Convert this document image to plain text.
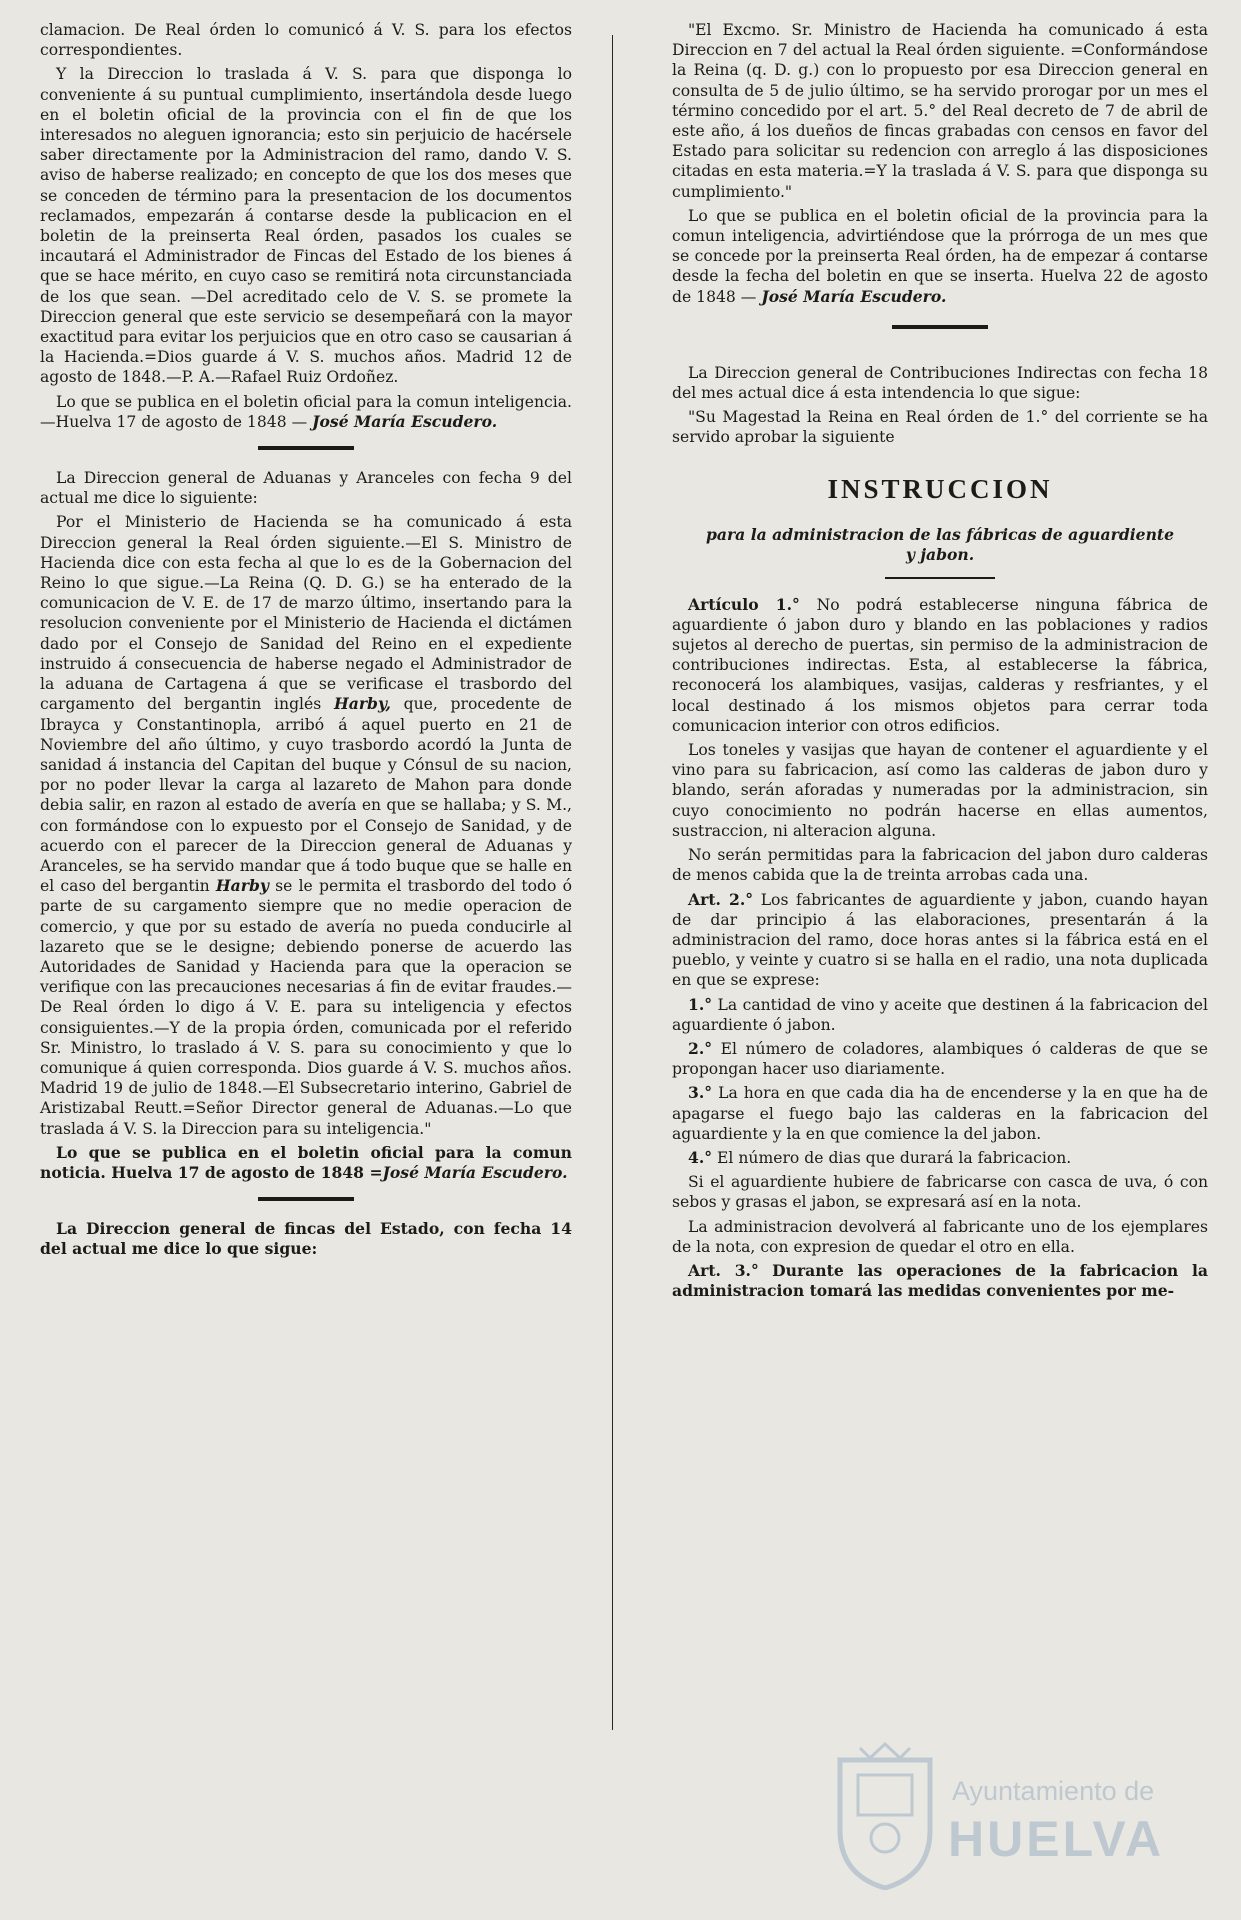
clamacion. De Real órden lo comunicó á V. S. para los efectos correspondientes.

Y la Direccion lo traslada á V. S. para que disponga lo conveniente á su puntual cumplimiento, insertándola desde luego en el boletin oficial de la provincia con el fin de que los interesados no aleguen ignorancia; esto sin perjuicio de hacérsele saber directamente por la Administracion del ramo, dando V. S. aviso de haberse realizado; en concepto de que los dos meses que se conceden de término para la presentacion de los documentos reclamados, empezarán á contarse desde la publicacion en el boletin de la preinserta Real órden, pasados los cuales se incautará el Administrador de Fincas del Estado de los bienes á que se hace mérito, en cuyo caso se remitirá nota circunstanciada de los que sean. —Del acreditado celo de V. S. se promete la Direccion general que este servicio se desempeñará con la mayor exactitud para evitar los perjuicios que en otro caso se causarian á la Hacienda.=Dios guarde á V. S. muchos años. Madrid 12 de agosto de 1848.—P. A.—Rafael Ruiz Ordoñez.

Lo que se publica en el boletin oficial para la comun inteligencia. —Huelva 17 de agosto de 1848 — José María Escudero.

La Direccion general de Aduanas y Aranceles con fecha 9 del actual me dice lo siguiente:

Por el Ministerio de Hacienda se ha comunicado á esta Direccion general la Real órden siguiente.—El S. Ministro de Hacienda dice con esta fecha al que lo es de la Gobernacion del Reino lo que sigue.—La Reina (Q. D. G.) se ha enterado de la comunicacion de V. E. de 17 de marzo último, insertando para la resolucion conveniente por el Ministerio de Hacienda el dictámen dado por el Consejo de Sanidad del Reino en el expediente instruido á consecuencia de haberse negado el Administrador de la aduana de Cartagena á que se verificase el trasbordo del cargamento del bergantin inglés Harby, que, procedente de Ibrayca y Constantinopla, arribó á aquel puerto en 21 de Noviembre del año último, y cuyo trasbordo acordó la Junta de sanidad á instancia del Capitan del buque y Cónsul de su nacion, por no poder llevar la carga al lazareto de Mahon para donde debia salir, en razon al estado de avería en que se hallaba; y S. M., con formándose con lo expuesto por el Consejo de Sanidad, y de acuerdo con el parecer de la Direccion general de Aduanas y Aranceles, se ha servido mandar que á todo buque que se halle en el caso del bergantin Harby se le permita el trasbordo del todo ó parte de su cargamento siempre que no medie operacion de comercio, y que por su estado de avería no pueda conducirle al lazareto que se le designe; debiendo ponerse de acuerdo las Autoridades de Sanidad y Hacienda para que la operacion se verifique con las precauciones necesarias á fin de evitar fraudes.—De Real órden lo digo á V. E. para su inteligencia y efectos consiguientes.—Y de la propia órden, comunicada por el referido Sr. Ministro, lo traslado á V. S. para su conocimiento y que lo comunique á quien corresponda. Dios guarde á V. S. muchos años. Madrid 19 de julio de 1848.—El Subsecretario interino, Gabriel de Aristizabal Reutt.=Señor Director general de Aduanas.—Lo que traslada á V. S. la Direccion para su inteligencia."

Lo que se publica en el boletin oficial para la comun noticia. Huelva 17 de agosto de 1848 =José María Escudero.

La Direccion general de fincas del Estado, con fecha 14 del actual me dice lo que sigue:

"El Excmo. Sr. Ministro de Hacienda ha comunicado á esta Direccion en 7 del actual la Real órden siguiente. =Conformándose la Reina (q. D. g.) con lo propuesto por esa Direccion general en consulta de 5 de julio último, se ha servido prorogar por un mes el término concedido por el art. 5.° del Real decreto de 7 de abril de este año, á los dueños de fincas grabadas con censos en favor del Estado para solicitar su redencion con arreglo á las disposiciones citadas en esta materia.=Y la traslada á V. S. para que disponga su cumplimiento."

Lo que se publica en el boletin oficial de la provincia para la comun inteligencia, advirtiéndose que la prórroga de un mes que se concede por la preinserta Real órden, ha de empezar á contarse desde la fecha del boletin en que se inserta. Huelva 22 de agosto de 1848 — José María Escudero.

La Direccion general de Contribuciones Indirectas con fecha 18 del mes actual dice á esta intendencia lo que sigue:

"Su Magestad la Reina en Real órden de 1.° del corriente se ha servido aprobar la siguiente

INSTRUCCION
para la administracion de las fábricas de aguardiente y jabon.

Artículo 1.° No podrá establecerse ninguna fábrica de aguardiente ó jabon duro y blando en las poblaciones y radios sujetos al derecho de puertas, sin permiso de la administracion de contribuciones indirectas. Esta, al establecerse la fábrica, reconocerá los alambiques, vasijas, calderas y resfriantes, y el local destinado á los mismos objetos para cerrar toda comunicacion interior con otros edificios.

Los toneles y vasijas que hayan de contener el aguardiente y el vino para su fabricacion, así como las calderas de jabon duro y blando, serán aforadas y numeradas por la administracion, sin cuyo conocimiento no podrán hacerse en ellas aumentos, sustraccion, ni alteracion alguna.

No serán permitidas para la fabricacion del jabon duro calderas de menos cabida que la de treinta arrobas cada una.

Art. 2.° Los fabricantes de aguardiente y jabon, cuando hayan de dar principio á las elaboraciones, presentarán á la administracion del ramo, doce horas antes si la fábrica está en el pueblo, y veinte y cuatro si se halla en el radio, una nota duplicada en que se exprese:

1.° La cantidad de vino y aceite que destinen á la fabricacion del aguardiente ó jabon.

2.° El número de coladores, alambiques ó calderas de que se propongan hacer uso diariamente.

3.° La hora en que cada dia ha de encenderse y la en que ha de apagarse el fuego bajo las calderas en la fabricacion del aguardiente y la en que comience la del jabon.

4.° El número de dias que durará la fabricacion.

Si el aguardiente hubiere de fabricarse con casca de uva, ó con sebos y grasas el jabon, se expresará así en la nota.

La administracion devolverá al fabricante uno de los ejemplares de la nota, con expresion de quedar el otro en ella.

Art. 3.° Durante las operaciones de la fabricacion la administracion tomará las medidas convenientes por me-

Ayuntamiento de
HUELVA
